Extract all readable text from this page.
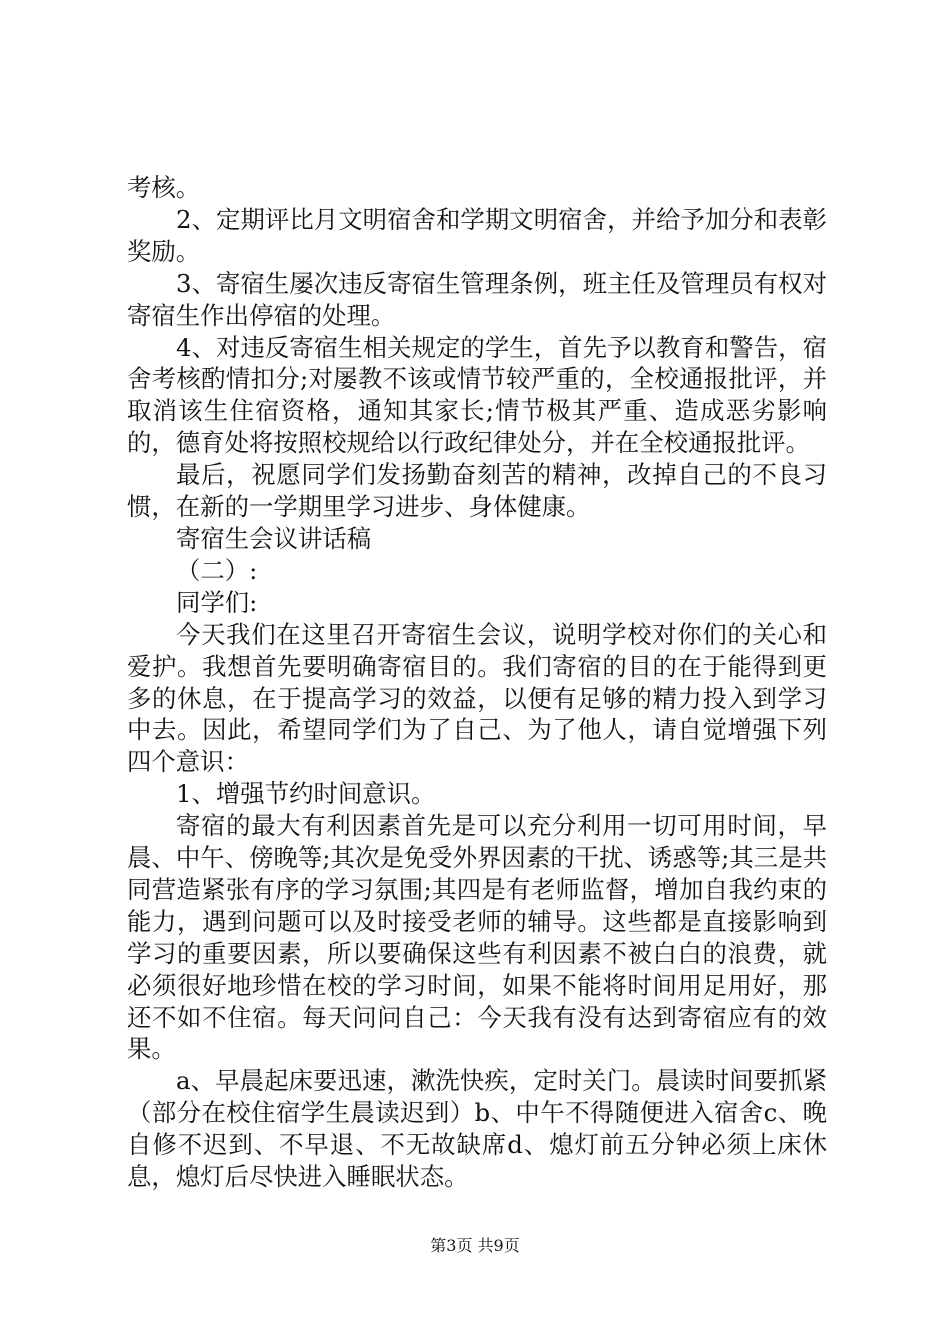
考核。

2、定期评比月文明宿舍和学期文明宿舍，并给予加分和表彰奖励。

3、寄宿生屡次违反寄宿生管理条例，班主任及管理员有权对寄宿生作出停宿的处理。

4、对违反寄宿生相关规定的学生，首先予以教育和警告，宿舍考核酌情扣分;对屡教不该或情节较严重的，全校通报批评，并取消该生住宿资格，通知其家长;情节极其严重、造成恶劣影响的，德育处将按照校规给以行政纪律处分，并在全校通报批评。

最后，祝愿同学们发扬勤奋刻苦的精神，改掉自己的不良习惯，在新的一学期里学习进步、身体健康。

寄宿生会议讲话稿

（二）:

同学们:

今天我们在这里召开寄宿生会议，说明学校对你们的关心和爱护。我想首先要明确寄宿目的。我们寄宿的目的在于能得到更多的休息，在于提高学习的效益，以便有足够的精力投入到学习中去。因此，希望同学们为了自己、为了他人，请自觉增强下列四个意识：

1、增强节约时间意识。

寄宿的最大有利因素首先是可以充分利用一切可用时间，早晨、中午、傍晚等;其次是免受外界因素的干扰、诱惑等;其三是共同营造紧张有序的学习氛围;其四是有老师监督，增加自我约束的能力，遇到问题可以及时接受老师的辅导。这些都是直接影响到学习的重要因素，所以要确保这些有利因素不被白白的浪费，就必须很好地珍惜在校的学习时间，如果不能将时间用足用好，那还不如不住宿。每天问问自己：今天我有没有达到寄宿应有的效果。

a、早晨起床要迅速，漱洗快疾，定时关门。晨读时间要抓紧（部分在校住宿学生晨读迟到）b、中午不得随便进入宿舍c、晚自修不迟到、不早退、不无故缺席d、熄灯前五分钟必须上床休息，熄灯后尽快进入睡眠状态。

第3页 共9页
